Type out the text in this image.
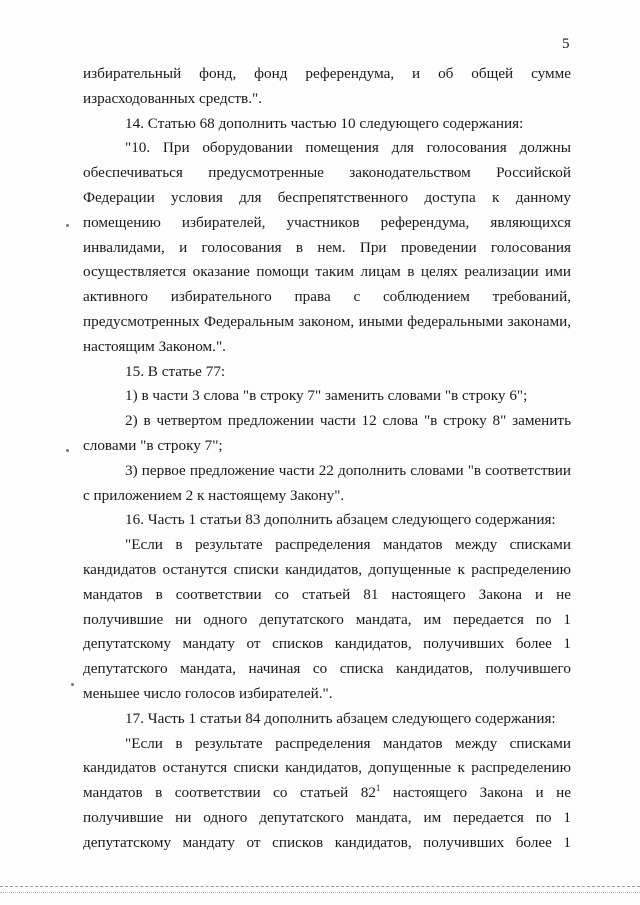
5
избирательный фонд, фонд референдума, и об общей сумме
израсходованных средств.".
14. Статью 68 дополнить частью 10 следующего содержания:
"10. При оборудовании помещения для голосования должны
обеспечиваться предусмотренные законодательством Российской
Федерации условия для беспрепятственного доступа к данному
помещению избирателей, участников референдума, являющихся
инвалидами, и голосования в нем. При проведении голосования
осуществляется оказание помощи таким лицам в целях реализации ими
активного избирательного права с соблюдением требований,
предусмотренных Федеральным законом, иными федеральными законами,
настоящим Законом.".
15. В статье 77:
1) в части 3 слова "в строку 7" заменить словами "в строку 6";
2) в четвертом предложении части 12 слова "в строку 8" заменить
словами "в строку 7";
3) первое предложение части 22 дополнить словами "в соответствии
с приложением 2 к настоящему Закону".
16. Часть 1 статьи 83 дополнить абзацем следующего содержания:
"Если в результате распределения мандатов между списками
кандидатов останутся списки кандидатов, допущенные к распределению
мандатов в соответствии со статьей 81 настоящего Закона и не
получившие ни одного депутатского мандата, им передается по 1
депутатскому мандату от списков кандидатов, получивших более 1
депутатского мандата, начиная со списка кандидатов, получившего
меньшее число голосов избирателей.".
17. Часть 1 статьи 84 дополнить абзацем следующего содержания:
"Если в результате распределения мандатов между списками
кандидатов останутся списки кандидатов, допущенные к распределению
мандатов в соответствии со статьей $82^1$ настоящего Закона и не
получившие ни одного депутатского мандата, им передается по 1
депутатскому мандату от списков кандидатов, получивших более 1
